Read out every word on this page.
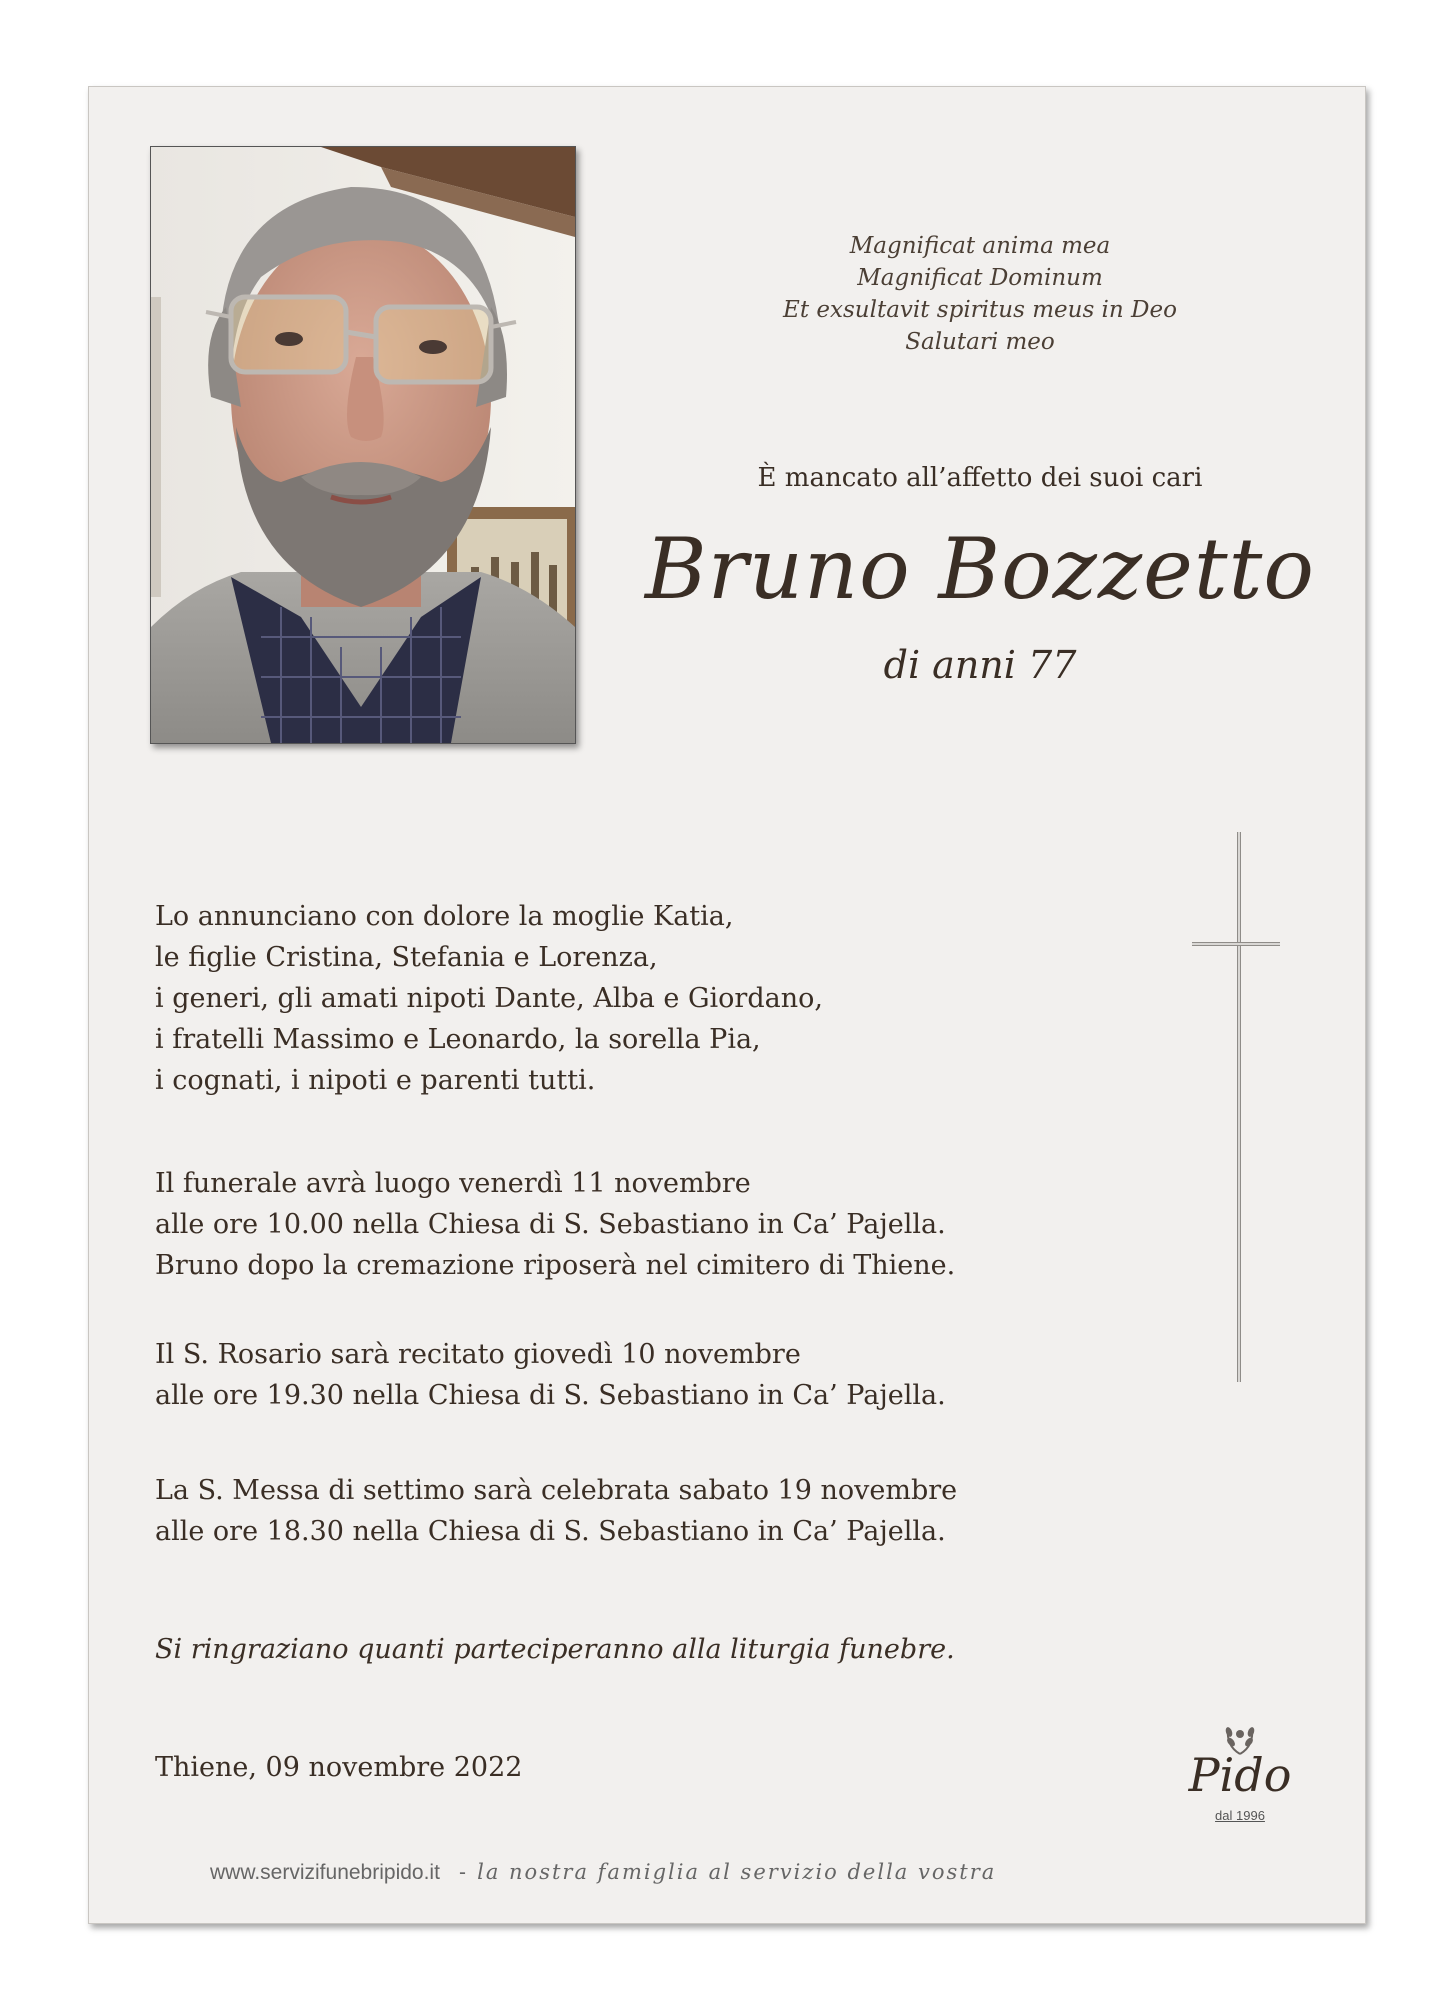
Magnificat anima mea
Magnificat Dominum
Et exsultavit spiritus meus in Deo
Salutari meo
È mancato all’affetto dei suoi cari
Bruno Bozzetto
di anni 77
Lo annunciano con dolore la moglie Katia,
le figlie Cristina, Stefania e Lorenza,
i generi, gli amati nipoti Dante, Alba e Giordano,
i fratelli Massimo e Leonardo, la sorella Pia,
i cognati, i nipoti e parenti tutti.
Il funerale avrà luogo venerdì 11 novembre
alle ore 10.00 nella Chiesa di S. Sebastiano in Ca’ Pajella.
Bruno dopo la cremazione riposerà nel cimitero di Thiene.
Il S. Rosario sarà recitato giovedì 10 novembre
alle ore 19.30 nella Chiesa di S. Sebastiano in Ca’ Pajella.
La S. Messa di settimo sarà celebrata sabato 19 novembre
alle ore 18.30 nella Chiesa di S. Sebastiano in Ca’ Pajella.
Si ringraziano quanti parteciperanno alla liturgia funebre.
Thiene, 09 novembre 2022	Pido
dal 1996
www.servizifunebripido.it - la nostra famiglia al servizio della vostra
